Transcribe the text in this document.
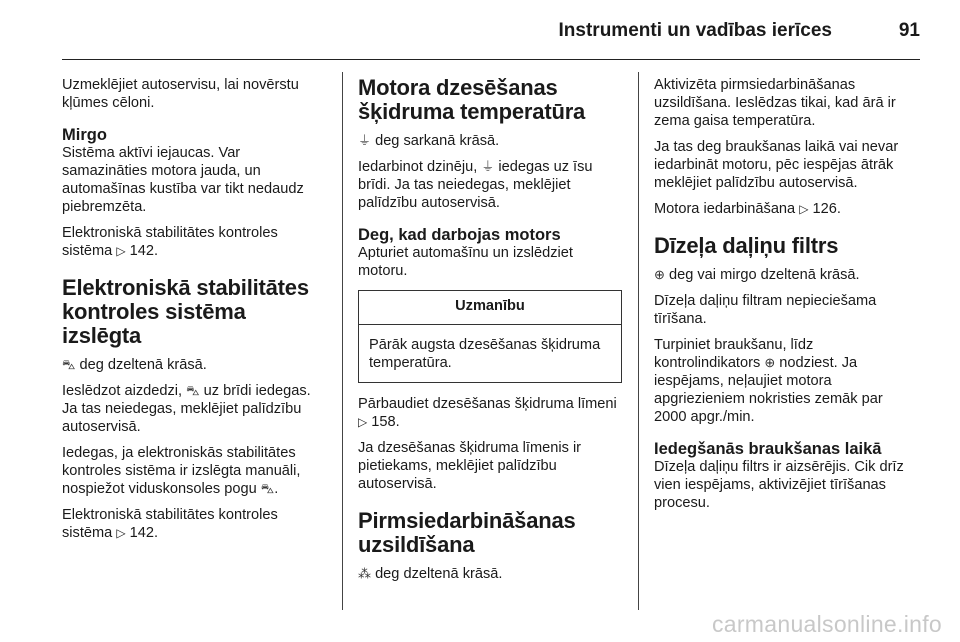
Instrumenti un vadības ierīces	91

Uzmeklējiet autoservisu, lai novērstu kļūmes cēloni.

Mirgo

Sistēma aktīvi iejaucas. Var samazināties motora jauda, un automašīnas kustība var tikt nedaudz piebremzēta.

Elektroniskā stabilitātes kontroles sistēma ▷ 142.

Elektroniskā stabilitātes kontroles sistēma izslēgta

⛍ deg dzeltenā krāsā.

Ieslēdzot aizdedzi, ⛍ uz brīdi iedegas. Ja tas neiedegas, meklējiet palīdzību autoservisā.

Iedegas, ja elektroniskās stabilitātes kontroles sistēma ir izslēgta manuāli, nospiežot viduskonsoles pogu ⛍.

Elektroniskā stabilitātes kontroles sistēma ▷ 142.

Motora dzesēšanas šķidruma temperatūra

⏚ deg sarkanā krāsā.

Iedarbinot dzinēju, ⏚ iedegas uz īsu brīdi. Ja tas neiedegas, meklējiet palīdzību autoservisā.

Deg, kad darbojas motors

Apturiet automašīnu un izslēdziet motoru.

Uzmanību
Pārāk augsta dzesēšanas šķidruma temperatūra.

Pārbaudiet dzesēšanas šķidruma līmeni ▷ 158.

Ja dzesēšanas šķidruma līmenis ir pietiekams, meklējiet palīdzību autoservisā.

Pirmsiedarbināšanas uzsildīšana

⁂ deg dzeltenā krāsā.

Aktivizēta pirmsiedarbināšanas uzsildīšana. Ieslēdzas tikai, kad ārā ir zema gaisa temperatūra.

Ja tas deg braukšanas laikā vai nevar iedarbināt motoru, pēc iespējas ātrāk meklējiet palīdzību autoservisā.

Motora iedarbināšana ▷ 126.

Dīzeļa daļiņu filtrs

⊕ deg vai mirgo dzeltenā krāsā.

Dīzeļa daļiņu filtram nepieciešama tīrīšana.

Turpiniet braukšanu, līdz kontrolindikators ⊕ nodziest. Ja iespējams, neļaujiet motora apgriezieniem nokristies zemāk par 2000 apgr./min.

Iedegšanās braukšanas laikā

Dīzeļa daļiņu filtrs ir aizsērējis. Cik drīz vien iespējams, aktivizējiet tīrīšanas procesu.

carmanualsonline.info
